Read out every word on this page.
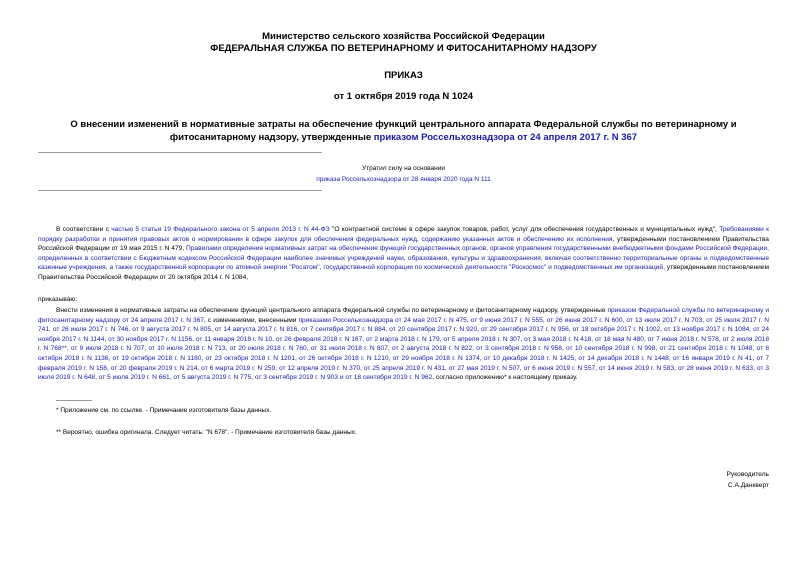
Министерство сельского хозяйства Российской Федерации
ФЕДЕРАЛЬНАЯ СЛУЖБА ПО ВЕТЕРИНАРНОМУ И ФИТОСАНИТАРНОМУ НАДЗОРУ
ПРИКАЗ
от 1 октября 2019 года N 1024
О внесении изменений в нормативные затраты на обеспечение функций центрального аппарата Федеральной службы по ветеринарному и фитосанитарному надзору, утвержденные приказом Россельхознадзора от 24 апреля 2017 г. N 367
Утратил силу на основании
приказа Россельхознадзора от 28 января 2020 года N 111

В соответствии с частью 5 статьи 19 Федерального закона от 5 апреля 2013 г. N 44-ФЗ "О контрактной системе в сфере закупок товаров, работ, услуг для обеспечения государственных и муниципальных нужд", Требованиями к порядку разработки и принятия правовых актов о нормировании в сфере закупок для обеспечения федеральных нужд, содержанию указанных актов и обеспечению их исполнения, утвержденными постановлением Правительства Российской Федерации от 19 мая 2015 г. N 479, Правилами определения нормативных затрат на обеспечение функций государственных органов, органов управления государственными внебюджетными фондами Российской Федерации, определенных в соответствии с Бюджетным кодексом Российской Федерации наиболее значимых учреждений науки, образования, культуры и здравоохранения, включая соответственно территориальные органы и подведомственные казенные учреждения, а также государственной корпорации по атомной энергии "Росатом", государственной корпорации по космической деятельности "Роскосмос" и подведомственных им организаций, утвержденными постановлением Правительства Российской Федерации от 20 октября 2014 г. N 1084,

приказываю:

Внести изменения в нормативные затраты на обеспечение функций центрального аппарата Федеральной службы по ветеринарному и фитосанитарному надзору, утвержденные приказом Федеральной службы по ветеринарному и фитосанитарному надзору от 24 апреля 2017 г. N 367, с изменениями, внесенными приказами Россельхознадзора от 24 мая 2017 г. N 475, от 9 июня 2017 г. N 555, от 26 июня 2017 г. N 600, от 13 июля 2017 г. N 703, от 25 июля 2017 г. N 741, от 26 июля 2017 г. N 746, от 9 августа 2017 г. N 805, от 14 августа 2017 г. N 816, от 7 сентября 2017 г. N 884, от 20 сентября 2017 г. N 920, от 29 сентября 2017 г. N 956, от 18 октября 2017 г. N 1002, от 13 ноября 2017 г. N 1084, от 24 ноября 2017 г. N 1144, от 30 ноября 2017 г. N 1156, от 11 января 2018 г. N 10, от 26 февраля 2018 г. N 167, от 2 марта 2018 г. N 179, от 5 апреля 2018 г. N 307, от 3 мая 2018 г. N 418, от 18 мая N 480, от 7 июня 2018 г. N 578, от 2 июля 2018 г. N 768**, от 9 июля 2018 г. N 707, от 10 июля 2018 г. N 713, от 20 июля 2018 г. N 760, от 31 июля 2018 г. N 807, от 2 августа 2018 г. N 822, от 3 сентября 2018 г. N 958, от 10 сентября 2018 г. N 998, от 21 сентября 2018 г. N 1048, от 8 октября 2018 г. N 1136, от 19 октября 2018 г. N 1180, от 23 октября 2018 г. N 1201, от 26 октября 2018 г. N 1210, от 29 ноября 2018 г. N 1374, от 10 декабря 2018 г. N 1425, от 14 декабря 2018 г. N 1448, от 16 января 2019 г. N 41, от 7 февраля 2019 г. N 158, от 20 февраля 2019 г. N 214, от 6 марта 2019 г. N 259, от 12 апреля 2019 г. N 370, от 25 апреля 2019 г. N 431, от 27 мая 2019 г. N 507, от 6 июня 2019 г. N 557, от 14 июня 2019 г. N 583, от 28 июня 2019 г. N 633, от 3 июля 2019 г. N 648, от 5 июля 2019 г. N 661, от 5 августа 2019 г. N 775, от 3 сентября 2019 г. N 903 и от 18 сентября 2019 г. N 962, согласно приложению* к настоящему приказу.

* Приложение см. по ссылке. - Примечание изготовителя базы данных.
** Вероятно, ошибка оригинала. Следует читать: "N 678". - Примечание изготовителя базы данных.
Руководитель
С.А.Данкверт
